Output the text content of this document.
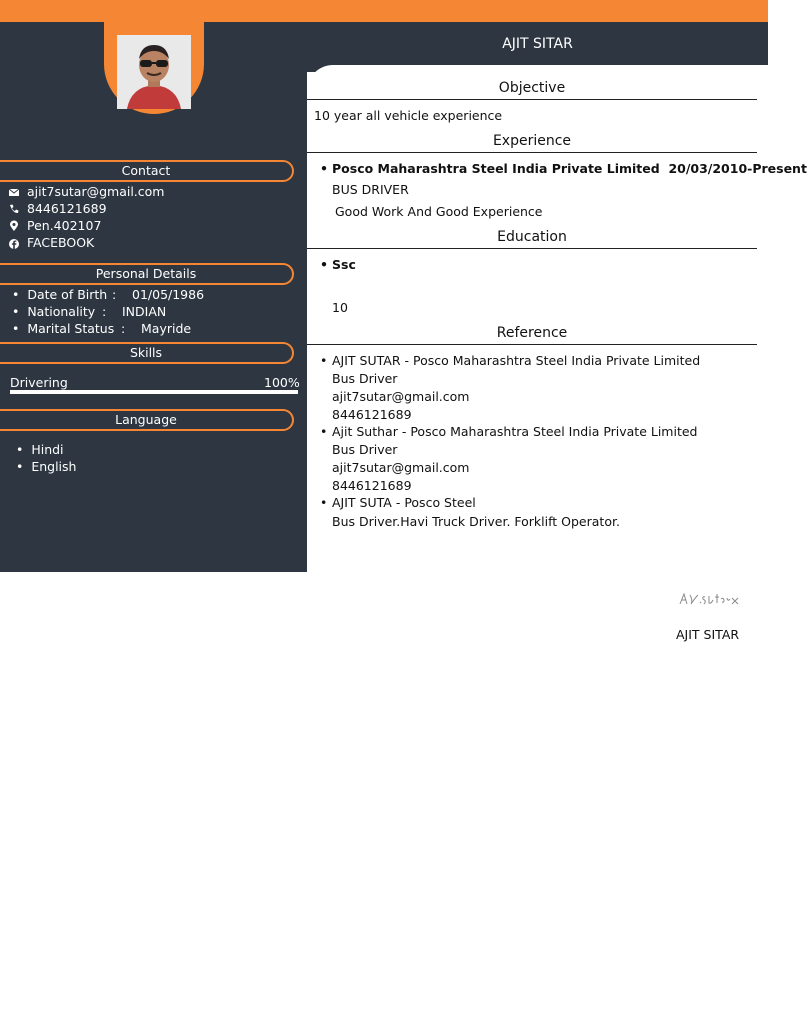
AJIT SITAR
Objective
10 year all vehicle experience
Experience
• Posco Maharashtra Steel India Private Limited 20/03/2010-Present
BUS DRIVER
Good Work And Good Experience
Education
• Ssc
10
Reference
• AJIT SUTAR - Posco Maharashtra Steel India Private Limited
Bus Driver
ajit7sutar@gmail.com
8446121689
• Ajit Suthar - Posco Maharashtra Steel India Private Limited
Bus Driver
ajit7sutar@gmail.com
8446121689
• AJIT SUTA - Posco Steel
Bus Driver.Havi Truck Driver. Forklift Operator.
Contact
ajit7sutar@gmail.com
8446121689
Pen.402107
FACEBOOK
Personal Details
•  Date of Birth : 01/05/1986
•  Nationality : INDIAN
•  Marital Status : Mayride
Skills
Drivering	100%
Language
•  Hindi
•  English
AJIT SITAR
